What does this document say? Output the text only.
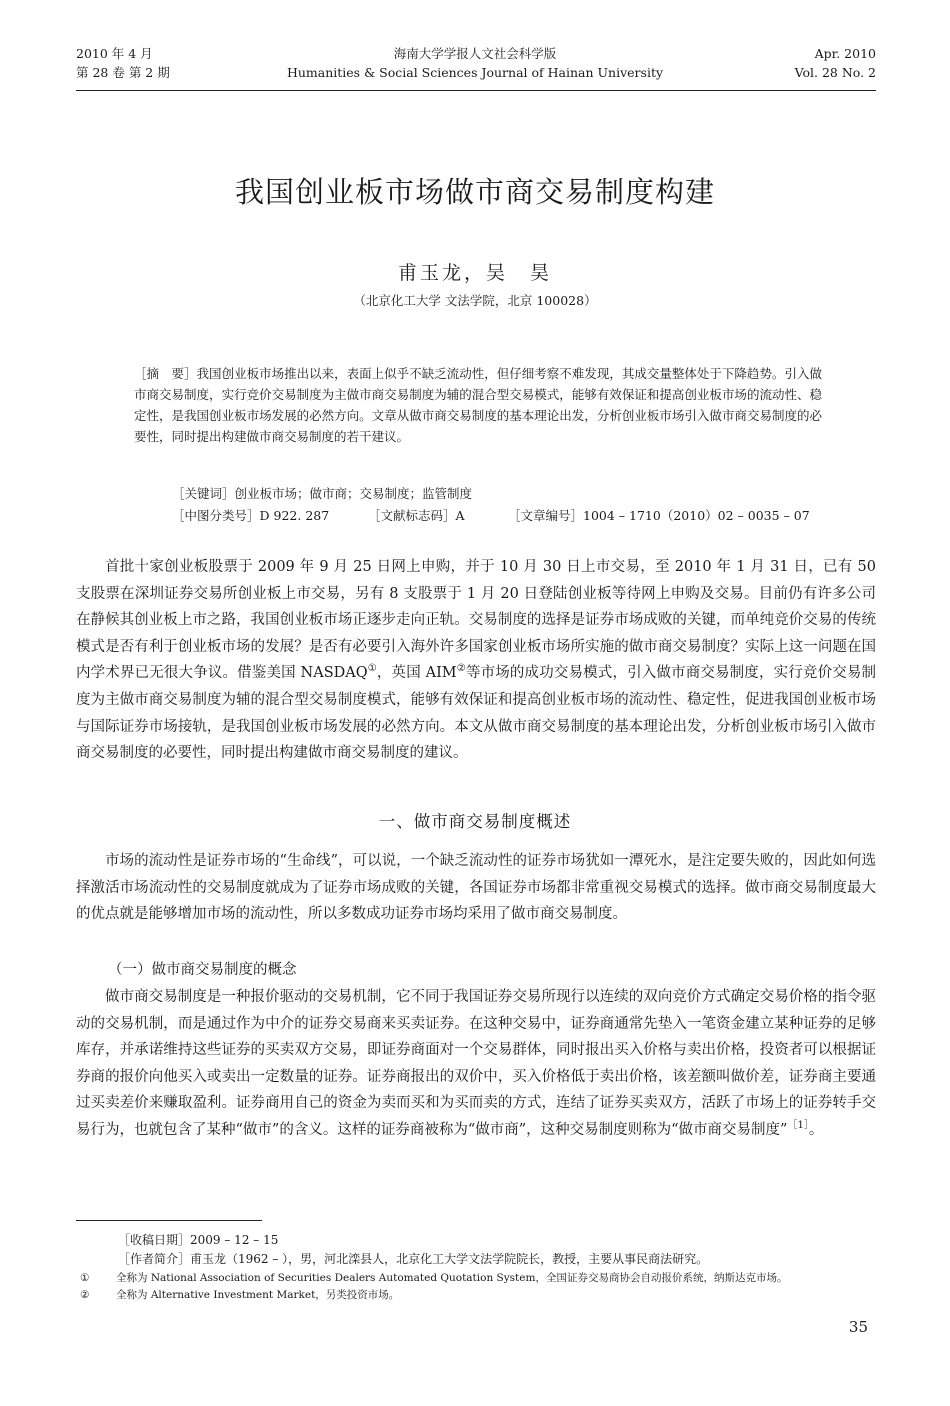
2010 年 4 月
第 28 卷 第 2 期
海南大学学报人文社会科学版
Humanities & Social Sciences Journal of Hainan University
Apr. 2010
Vol. 28 No. 2
我国创业板市场做市商交易制度构建
甫玉龙，吴　昊
（北京化工大学 文法学院，北京 100028）
［摘　要］我国创业板市场推出以来，表面上似乎不缺乏流动性，但仔细考察不难发现，其成交量整体处于下降趋势。引入做市商交易制度，实行竞价交易制度为主做市商交易制度为辅的混合型交易模式，能够有效保证和提高创业板市场的流动性、稳定性，是我国创业板市场发展的必然方向。文章从做市商交易制度的基本理论出发，分析创业板市场引入做市商交易制度的必要性，同时提出构建做市商交易制度的若干建议。
［关键词］创业板市场；做市商；交易制度；监管制度
［中图分类号］D 922. 287	［文献标志码］A	［文章编号］1004 – 1710（2010）02 – 0035 – 07
首批十家创业板股票于 2009 年 9 月 25 日网上申购，并于 10 月 30 日上市交易，至 2010 年 1 月 31 日，已有 50 支股票在深圳证券交易所创业板上市交易，另有 8 支股票于 1 月 20 日登陆创业板等待网上申购及交易。目前仍有许多公司在静候其创业板上市之路，我国创业板市场正逐步走向正轨。交易制度的选择是证券市场成败的关键，而单纯竞价交易的传统模式是否有利于创业板市场的发展？是否有必要引入海外许多国家创业板市场所实施的做市商交易制度？实际上这一问题在国内学术界已无很大争议。借鉴美国 NASDAQ①，英国 AIM②等市场的成功交易模式，引入做市商交易制度，实行竞价交易制度为主做市商交易制度为辅的混合型交易制度模式，能够有效保证和提高创业板市场的流动性、稳定性，促进我国创业板市场与国际证券市场接轨，是我国创业板市场发展的必然方向。本文从做市商交易制度的基本理论出发，分析创业板市场引入做市商交易制度的必要性，同时提出构建做市商交易制度的建议。
一、做市商交易制度概述
市场的流动性是证券市场的“生命线”，可以说，一个缺乏流动性的证券市场犹如一潭死水，是注定要失败的，因此如何选择激活市场流动性的交易制度就成为了证券市场成败的关键，各国证券市场都非常重视交易模式的选择。做市商交易制度最大的优点就是能够增加市场的流动性，所以多数成功证券市场均采用了做市商交易制度。
（一）做市商交易制度的概念
做市商交易制度是一种报价驱动的交易机制，它不同于我国证券交易所现行以连续的双向竞价方式确定交易价格的指令驱动的交易机制，而是通过作为中介的证券交易商来买卖证券。在这种交易中，证券商通常先垫入一笔资金建立某种证券的足够库存，并承诺维持这些证券的买卖双方交易，即证券商面对一个交易群体，同时报出买入价格与卖出价格，投资者可以根据证券商的报价向他买入或卖出一定数量的证券。证券商报出的双价中，买入价格低于卖出价格，该差额叫做价差，证券商主要通过买卖差价来赚取盈利。证券商用自己的资金为卖而买和为买而卖的方式，连结了证券买卖双方，活跃了市场上的证券转手交易行为，也就包含了某种“做市”的含义。这样的证券商被称为“做市商”，这种交易制度则称为“做市商交易制度”$^{[1]}$。
［收稿日期］2009 – 12 – 15
［作者简介］甫玉龙（1962 – ），男，河北滦县人，北京化工大学文法学院院长，教授，主要从事民商法研究。
①	全称为 National Association of Securities Dealers Automated Quotation System，全国证券交易商协会自动报价系统，纳斯达克市场。
②	全称为 Alternative Investment Market，另类投资市场。
35
